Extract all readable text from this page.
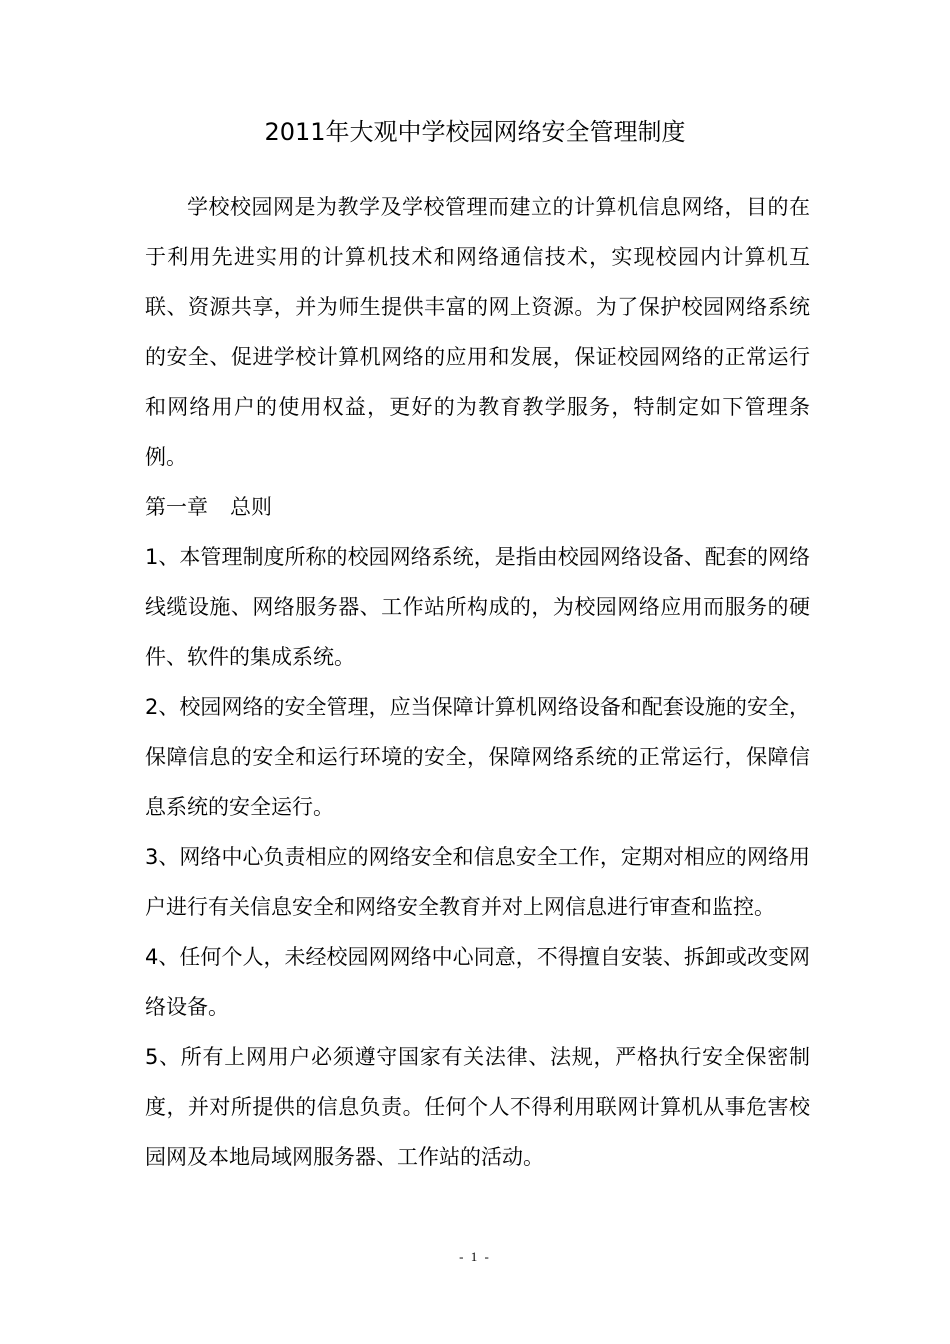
2011年大观中学校园网络安全管理制度

学校校园网是为教学及学校管理而建立的计算机信息网络，目的在于利用先进实用的计算机技术和网络通信技术，实现校园内计算机互联、资源共享，并为师生提供丰富的网上资源。为了保护校园网络系统的安全、促进学校计算机网络的应用和发展，保证校园网络的正常运行和网络用户的使用权益，更好的为教育教学服务，特制定如下管理条例。

第一章 总则

1、本管理制度所称的校园网络系统，是指由校园网络设备、配套的网络线缆设施、网络服务器、工作站所构成的，为校园网络应用而服务的硬件、软件的集成系统。

2、校园网络的安全管理，应当保障计算机网络设备和配套设施的安全，保障信息的安全和运行环境的安全，保障网络系统的正常运行，保障信息系统的安全运行。

3、网络中心负责相应的网络安全和信息安全工作，定期对相应的网络用户进行有关信息安全和网络安全教育并对上网信息进行审查和监控。

4、任何个人，未经校园网网络中心同意，不得擅自安装、拆卸或改变网络设备。

5、所有上网用户必须遵守国家有关法律、法规，严格执行安全保密制度，并对所提供的信息负责。任何个人不得利用联网计算机从事危害校园网及本地局域网服务器、工作站的活动。

- 1 -
